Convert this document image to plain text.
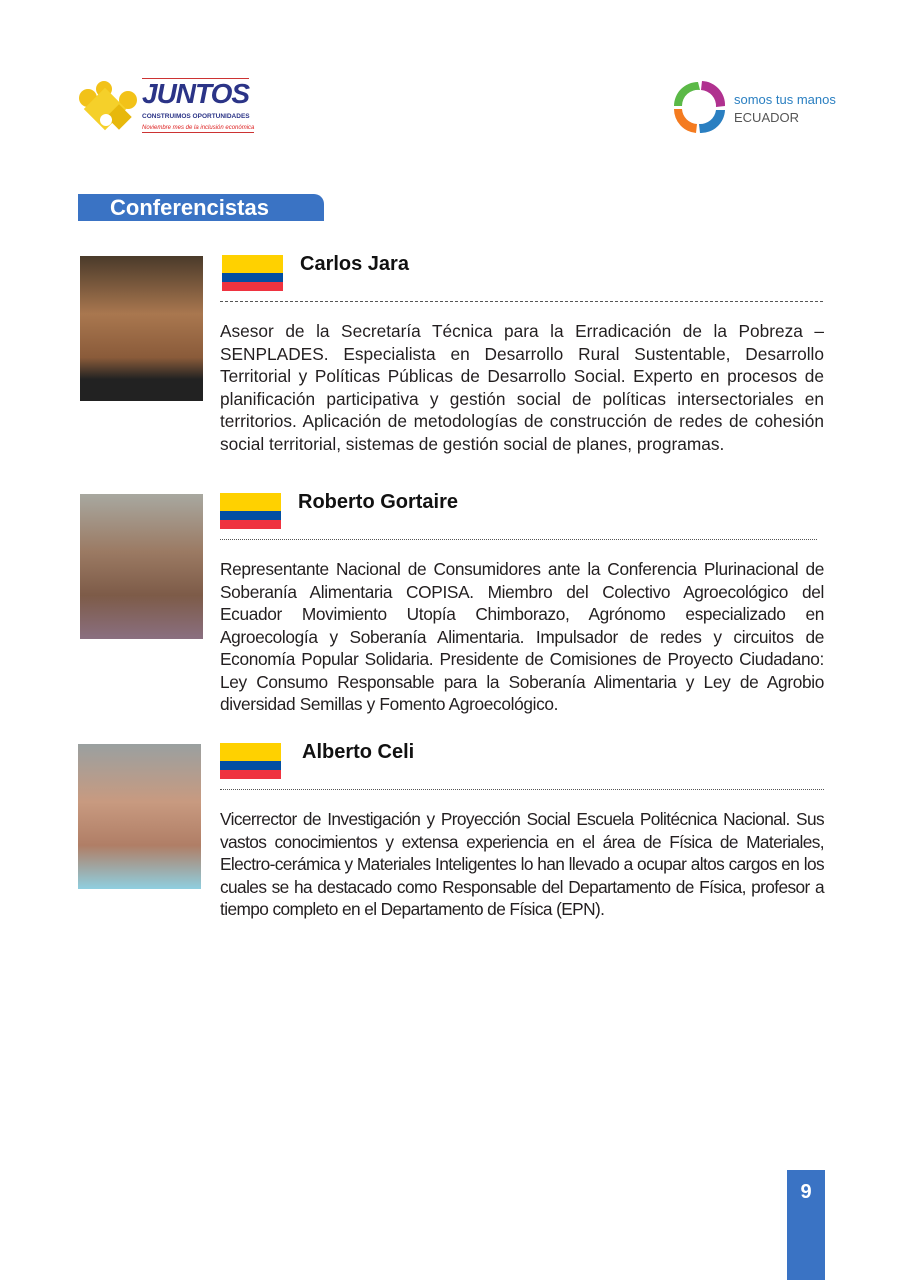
JUNTOS
CONSTRUIMOS OPORTUNIDADES
Noviembre mes de la inclusión económica
somos tus manos
ECUADOR
Conferencistas
Carlos Jara
Asesor de la Secretaría Técnica para la Erradicación de la Pobreza – SENPLADES. Especialista en Desarrollo Rural Sustentable, Desarrollo Territorial y Políticas Públicas de Desarrollo Social. Experto en procesos de planificación participativa y gestión social de políticas intersectoriales en territorios. Aplicación de metodologías de construcción de redes de cohesión social territorial, sistemas de gestión social de planes, programas.
Roberto Gortaire
Representante Nacional de Consumidores ante la Conferencia Plurinacional de Soberanía Alimentaria COPISA. Miembro del Colectivo Agroecológico del Ecuador Movimiento Utopía Chimborazo, Agrónomo especializado en Agroecología y Soberanía Alimentaria. Impulsador de redes y circuitos de Economía Popular Solidaria. Presidente de Comisiones de Proyecto Ciudadano: Ley Consumo Responsable para la Soberanía Alimentaria y Ley de Agrobio diversidad Semillas y Fomento Agroecológico.
Alberto Celi
Vicerrector de Investigación y Proyección Social Escuela Politécnica Nacional. Sus vastos conocimientos y extensa experiencia en el área de Física de Materiales, Electro-cerámica y Materiales Inteligentes lo han llevado a ocupar altos cargos en los cuales se ha destacado como Responsable del Departamento de Física, profesor a tiempo completo en el Departamento de Física (EPN).
9
